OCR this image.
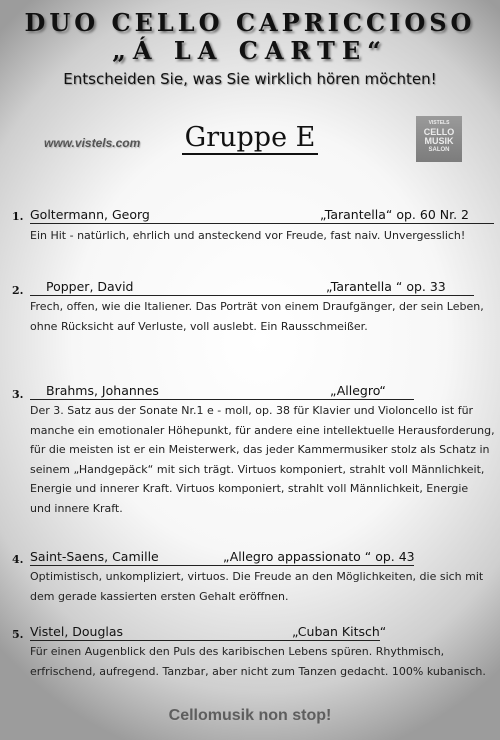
DUO CELLO CAPRICCIOSO
„Á LA CARTE“
Entscheiden Sie, was Sie wirklich hören möchten!
www.vistels.com
VISTELS
CELLO
MUSIK
SALON
Gruppe E
1. Goltermann, Georg	„Tarantella“ op. 60 Nr. 2

Ein Hit - natürlich, ehrlich und ansteckend vor Freude, fast naiv. Unvergesslich!

2. Popper, David	„Tarantella “ op. 33

Frech, offen, wie die Italiener. Das Porträt von einem Draufgänger, der sein Leben,

ohne Rücksicht auf Verluste, voll auslebt. Ein Rausschmeißer.

3. Brahms, Johannes	„Allegro“

Der 3. Satz aus der Sonate Nr.1 e - moll, op. 38 für Klavier und Violoncello ist für

manche ein emotionaler Höhepunkt, für andere eine intellektuelle Herausforderung,

für die meisten ist er ein Meisterwerk, das jeder Kammermusiker stolz als Schatz in

seinem „Handgepäck“ mit sich trägt. Virtuos komponiert, strahlt voll Männlichkeit,

Energie und innerer Kraft. Virtuos komponiert, strahlt voll Männlichkeit, Energie

und innere Kraft.

4. Saint-Saens, Camille	„Allegro appassionato “ op. 43

Optimistisch, unkompliziert, virtuos. Die Freude an den Möglichkeiten, die sich mit

dem gerade kassierten ersten Gehalt eröffnen.

5. Vistel, Douglas	„Cuban Kitsch“

Für einen Augenblick den Puls des karibischen Lebens spüren. Rhythmisch,

erfrischend, aufregend. Tanzbar, aber nicht zum Tanzen gedacht. 100% kubanisch.

Cellomusik non stop!
